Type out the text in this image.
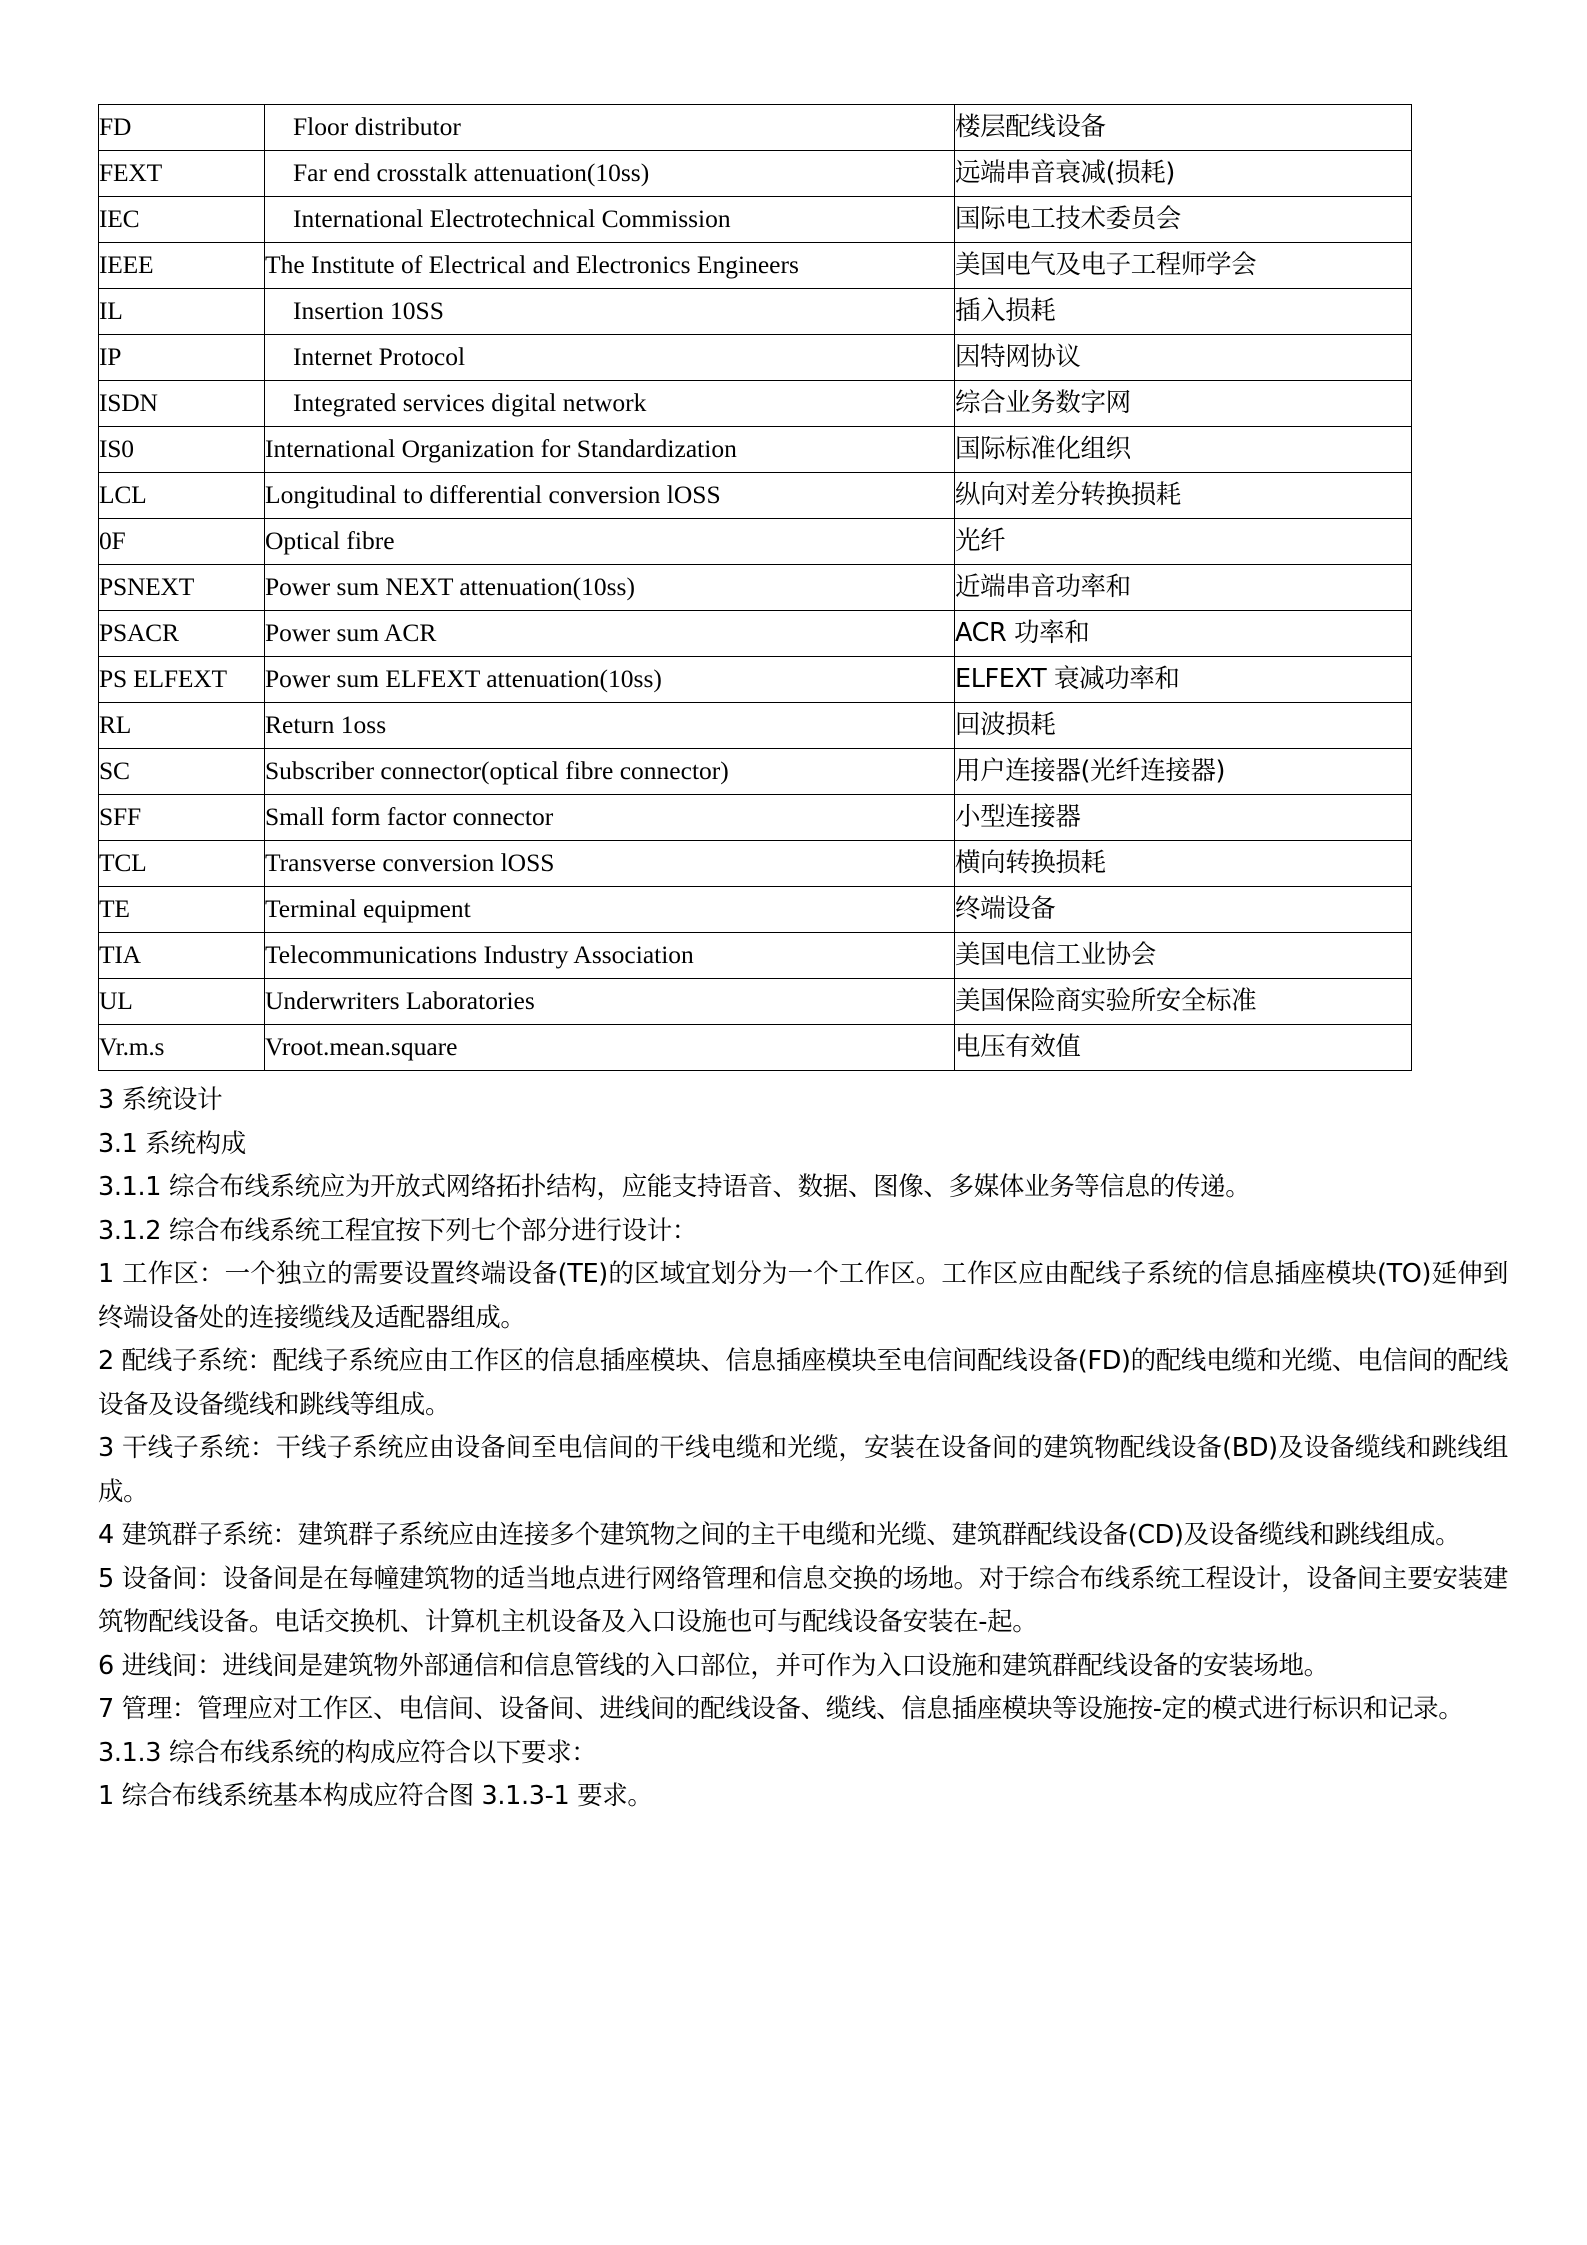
FD	Floor distributor	楼层配线设备
FEXT	Far end crosstalk attenuation(10ss)	远端串音衰减(损耗)
IEC	International Electrotechnical Commission	国际电工技术委员会
IEEE	The Institute of Electrical and Electronics Engineers	美国电气及电子工程师学会
IL	Insertion 10SS	插入损耗
IP	Internet Protocol	因特网协议
ISDN	Integrated services digital network	综合业务数字网
IS0	International Organization for Standardization	国际标准化组织
LCL	Longitudinal to differential conversion lOSS	纵向对差分转换损耗
0F	Optical fibre	光纤
PSNEXT	Power sum NEXT attenuation(10ss)	近端串音功率和
PSACR	Power sum ACR	ACR 功率和
PS ELFEXT	Power sum ELFEXT attenuation(10ss)	ELFEXT 衰减功率和
RL	Return 1oss	回波损耗
SC	Subscriber connector(optical fibre connector)	用户连接器(光纤连接器)
SFF	Small form factor connector	小型连接器
TCL	Transverse conversion lOSS	横向转换损耗
TE	Terminal equipment	终端设备
TIA	Telecommunications Industry Association	美国电信工业协会
UL	Underwriters Laboratories	美国保险商实验所安全标准
Vr.m.s	Vroot.mean.square	电压有效值

3 系统设计

3.1 系统构成

3.1.1 综合布线系统应为开放式网络拓扑结构，应能支持语音、数据、图像、多媒体业务等信息的传递。

3.1.2 综合布线系统工程宜按下列七个部分进行设计：

1 工作区：一个独立的需要设置终端设备(TE)的区域宜划分为一个工作区。工作区应由配线子系统的信息插座模块(TO)延伸到终端设备处的连接缆线及适配器组成。

2 配线子系统：配线子系统应由工作区的信息插座模块、信息插座模块至电信间配线设备(FD)的配线电缆和光缆、电信间的配线设备及设备缆线和跳线等组成。

3 干线子系统：干线子系统应由设备间至电信间的干线电缆和光缆，安装在设备间的建筑物配线设备(BD)及设备缆线和跳线组成。

4 建筑群子系统：建筑群子系统应由连接多个建筑物之间的主干电缆和光缆、建筑群配线设备(CD)及设备缆线和跳线组成。

5 设备间：设备间是在每幢建筑物的适当地点进行网络管理和信息交换的场地。对于综合布线系统工程设计，设备间主要安装建筑物配线设备。电话交换机、计算机主机设备及入口设施也可与配线设备安装在-起。

6 进线间：进线间是建筑物外部通信和信息管线的入口部位，并可作为入口设施和建筑群配线设备的安装场地。

7 管理：管理应对工作区、电信间、设备间、进线间的配线设备、缆线、信息插座模块等设施按-定的模式进行标识和记录。

3.1.3 综合布线系统的构成应符合以下要求：

1 综合布线系统基本构成应符合图 3.1.3-1 要求。
